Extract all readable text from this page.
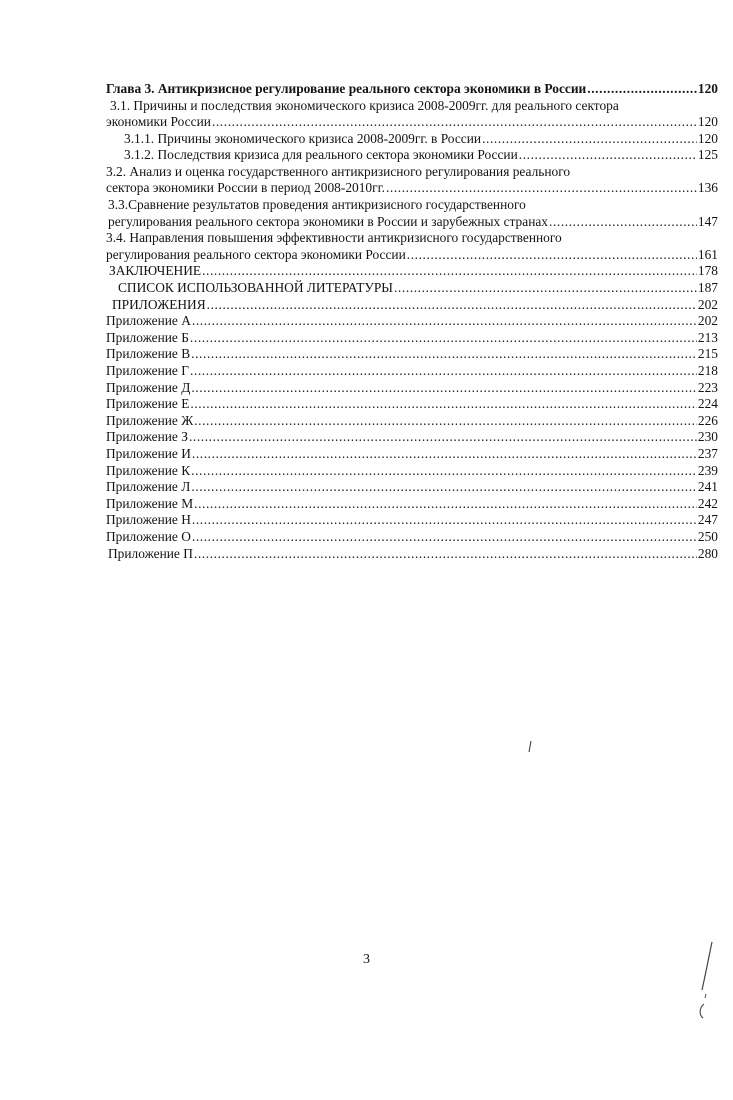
Глава 3. Антикризисное регулирование реального сектора экономики в России .....	120
3.1. Причины и последствия экономического кризиса 2008-2009гг. для реального сектора
экономики России .....	120
3.1.1. Причины экономического кризиса 2008-2009гг. в России .....	120
3.1.2. Последствия кризиса для реального сектора экономики России .....	125
3.2. Анализ и оценка государственного антикризисного регулирования реального
сектора экономики России в период 2008-2010гг. .....	136
3.3.Сравнение результатов проведения антикризисного государственного
регулирования реального сектора экономики в России и зарубежных странах .....	147
3.4. Направления повышения эффективности антикризисного государственного
регулирования реального сектора экономики России .....	161
ЗАКЛЮЧЕНИЕ .....	178
СПИСОК ИСПОЛЬЗОВАННОЙ ЛИТЕРАТУРЫ .....	187
ПРИЛОЖЕНИЯ .....	202
Приложение А .....	202
Приложение Б .....	213
Приложение В .....	215
Приложение Г .....	218
Приложение Д .....	223
Приложение Е .....	224
Приложение Ж .....	226
Приложение З .....	230
Приложение И .....	237
Приложение К .....	239
Приложение Л .....	241
Приложение М .....	242
Приложение Н .....	247
Приложение О .....	250
Приложение П .....	280
3
